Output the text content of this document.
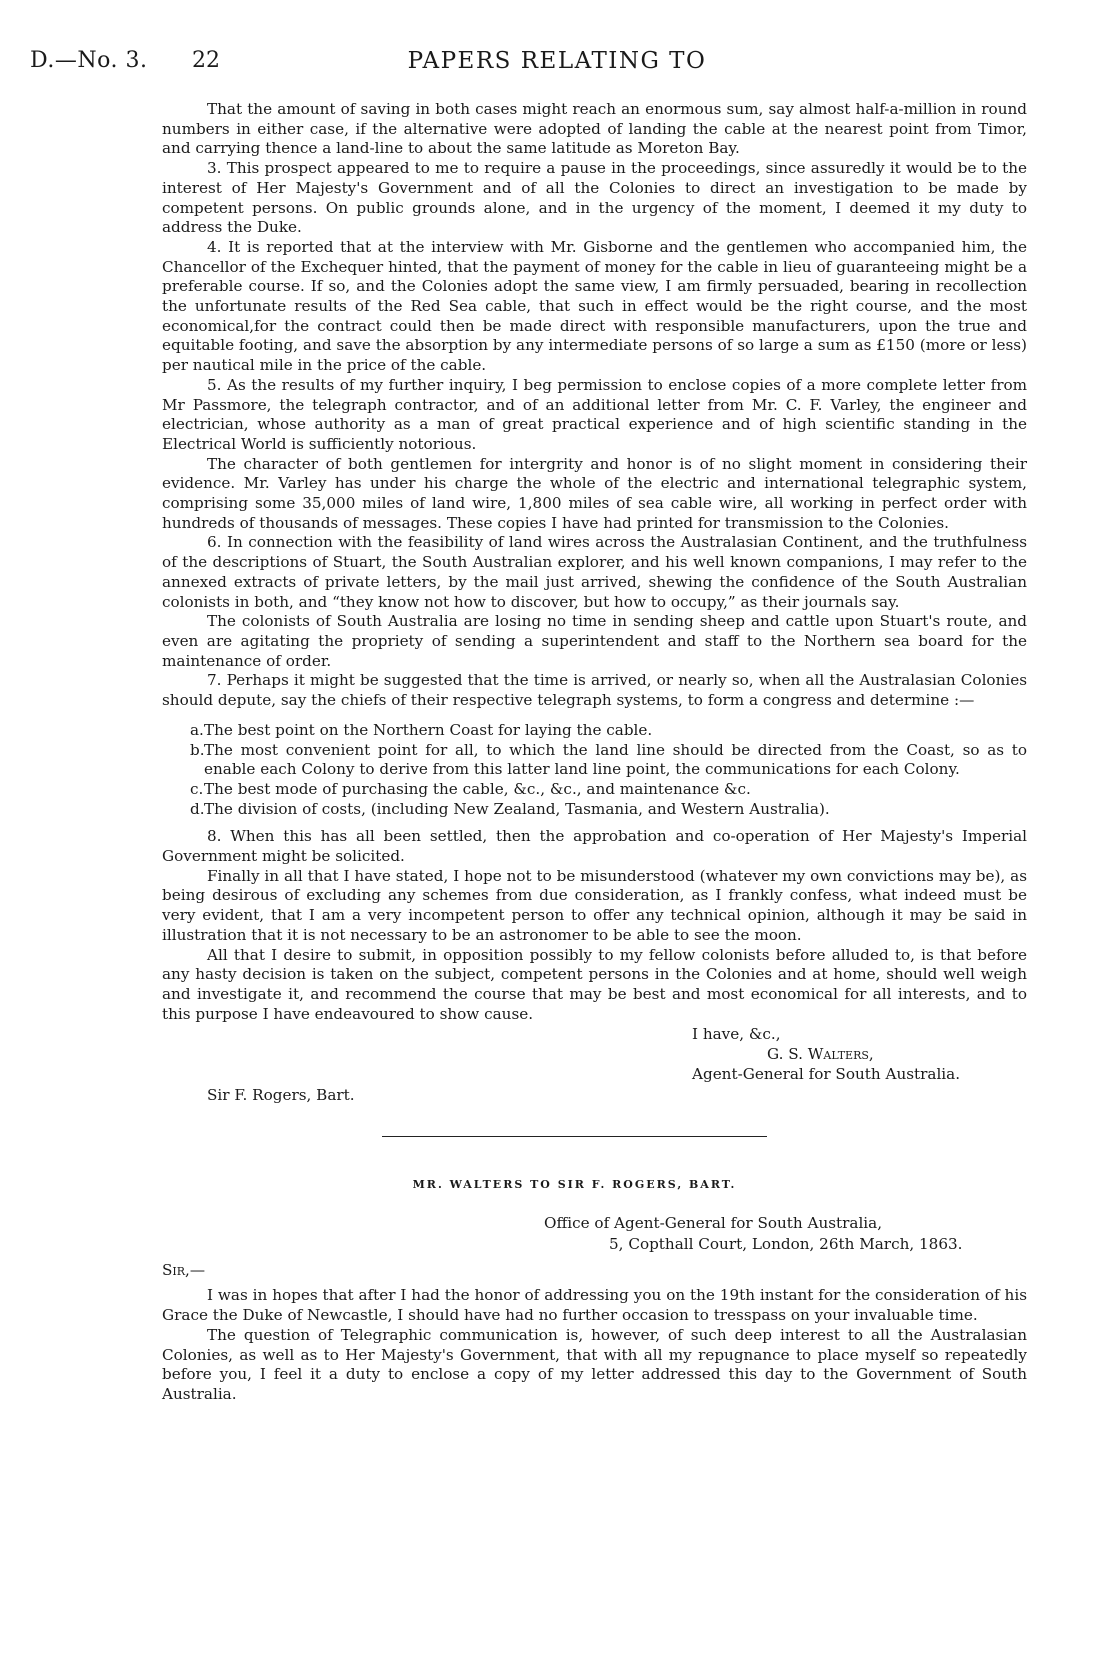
D.—No. 3. 22	PAPERS RELATING TO

That the amount of saving in both cases might reach an enormous sum, say almost half-a-million in round numbers in either case, if the alternative were adopted of landing the cable at the nearest point from Timor, and carrying thence a land-line to about the same latitude as Moreton Bay.

3. This prospect appeared to me to require a pause in the proceedings, since assuredly it would be to the interest of Her Majesty's Government and of all the Colonies to direct an investigation to be made by competent persons. On public grounds alone, and in the urgency of the moment, I deemed it my duty to address the Duke.

4. It is reported that at the interview with Mr. Gisborne and the gentlemen who accompanied him, the Chancellor of the Exchequer hinted, that the payment of money for the cable in lieu of guaranteeing might be a preferable course. If so, and the Colonies adopt the same view, I am firmly persuaded, bearing in recollection the unfortunate results of the Red Sea cable, that such in effect would be the right course, and the most economical,for the contract could then be made direct with responsible manufacturers, upon the true and equitable footing, and save the absorption by any intermediate persons of so large a sum as £150 (more or less) per nautical mile in the price of the cable.

5. As the results of my further inquiry, I beg permission to enclose copies of a more complete letter from Mr Passmore, the telegraph contractor, and of an additional letter from Mr. C. F. Varley, the engineer and electrician, whose authority as a man of great practical experience and of high scientific standing in the Electrical World is sufficiently notorious.

The character of both gentlemen for intergrity and honor is of no slight moment in considering their evidence. Mr. Varley has under his charge the whole of the electric and international telegraphic system, comprising some 35,000 miles of land wire, 1,800 miles of sea cable wire, all working in perfect order with hundreds of thousands of messages. These copies I have had printed for transmission to the Colonies.

6. In connection with the feasibility of land wires across the Australasian Continent, and the truthfulness of the descriptions of Stuart, the South Australian explorer, and his well known companions, I may refer to the annexed extracts of private letters, by the mail just arrived, shewing the confidence of the South Australian colonists in both, and “they know not how to discover, but how to occupy,” as their journals say.

The colonists of South Australia are losing no time in sending sheep and cattle upon Stuart's route, and even are agitating the propriety of sending a superintendent and staff to the Northern sea board for the maintenance of order.

7. Perhaps it might be suggested that the time is arrived, or nearly so, when all the Australasian Colonies should depute, say the chiefs of their respective telegraph systems, to form a congress and determine :—

a. The best point on the Northern Coast for laying the cable.
b. The most convenient point for all, to which the land line should be directed from the Coast, so as to enable each Colony to derive from this latter land line point, the communications for each Colony.
c. The best mode of purchasing the cable, &c., &c., and maintenance &c.
d. The division of costs, (including New Zealand, Tasmania, and Western Australia).

8. When this has all been settled, then the approbation and co-operation of Her Majesty's Imperial Government might be solicited.

Finally in all that I have stated, I hope not to be misunderstood (whatever my own convictions may be), as being desirous of excluding any schemes from due consideration, as I frankly confess, what indeed must be very evident, that I am a very incompetent person to offer any technical opinion, although it may be said in illustration that it is not necessary to be an astronomer to be able to see the moon.

All that I desire to submit, in opposition possibly to my fellow colonists before alluded to, is that before any hasty decision is taken on the subject, competent persons in the Colonies and at home, should well weigh and investigate it, and recommend the course that may be best and most economical for all interests, and to this purpose I have endeavoured to show cause.

I have, &c.,
G. S. Walters,
Agent-General for South Australia.
Sir F. Rogers, Bart.
MR. WALTERS TO SIR F. ROGERS, BART.
Office of Agent-General for South Australia,
5, Copthall Court, London, 26th March, 1863.

Sir,—

I was in hopes that after I had the honor of addressing you on the 19th instant for the consideration of his Grace the Duke of Newcastle, I should have had no further occasion to tresspass on your invaluable time.

The question of Telegraphic communication is, however, of such deep interest to all the Australasian Colonies, as well as to Her Majesty's Government, that with all my repugnance to place myself so repeatedly before you, I feel it a duty to enclose a copy of my letter addressed this day to the Government of South Australia.
